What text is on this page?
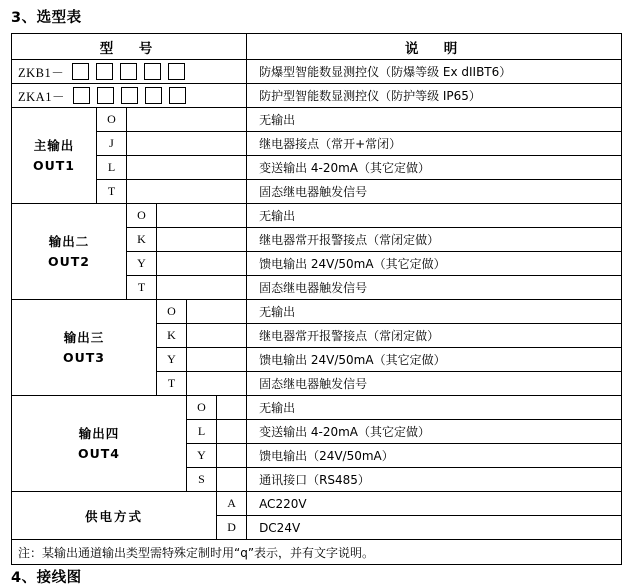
3、选型表
型　号						说　明

ZKB1－						防爆型智能数显测控仪（防爆等级 Ex dIIBT6）

ZKA1－						防护型智能数显测控仪（防护等级 IP65）

主输出
OUT1	O					无输出
	J					继电器接点（常开+常闭）
	L					变送输出 4-20mA（其它定做）
	T					固态继电器触发信号

输出二
OUT2		O				无输出
		K				继电器常开报警接点（常闭定做）
		Y				馈电输出 24V/50mA（其它定做）
		T				固态继电器触发信号

输出三
OUT3			O			无输出
			K			继电器常开报警接点（常闭定做）
			Y			馈电输出 24V/50mA（其它定做）
			T			固态继电器触发信号

输出四
OUT4				O		无输出
				L		变送输出 4-20mA（其它定做）
				Y		馈电输出（24V/50mA）
				S		通讯接口（RS485）
供电方式					A	AC220V
					D	DC24V
注：某输出通道输出类型需特殊定制时用“q”表示，并有文字说明。						
4、接线图
